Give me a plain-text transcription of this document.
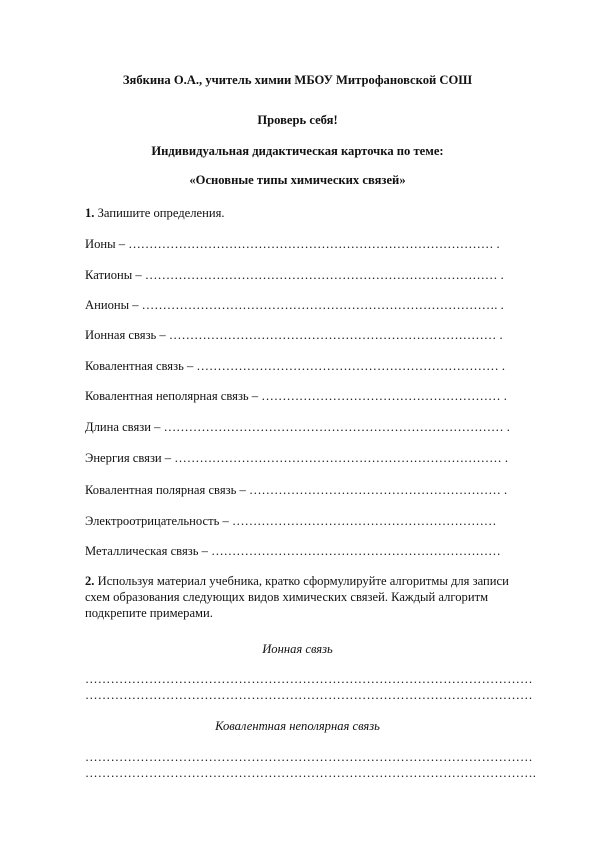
Зябкина О.А., учитель химии МБОУ Митрофановской СОШ
Проверь себя!
Индивидуальная дидактическая карточка по теме:
«Основные типы химических связей»
1. Запишите определения.
Ионы – …………………………………………………………………………… .
Катионы – ………………………………………………………………………… .
Анионы – …………………………………………………………………………. .
Ионная связь – …………………………………………………………………… .
Ковалентная связь – ……………………………………………………………… .
Ковалентная неполярная связь – ………………………………………………… .
Длина связи – ……………………………………………………………………… .
Энергия связи – …………………………………………………………………… .
Ковалентная полярная связь – …………………………………………………… .
Электроотрицательность – ………………………………………………………
Металлическая связь – ……………………………………………………………
2. Используя материал учебника, кратко сформулируйте алгоритмы для записи схем образования следующих видов химических связей. Каждый алгоритм подкрепите примерами.
Ионная связь
……………………………………………………………………………………………
……………………………………………………………………………………………
Ковалентная неполярная связь
……………………………………………………………………………………………
…………………………………………………………………………………………….
